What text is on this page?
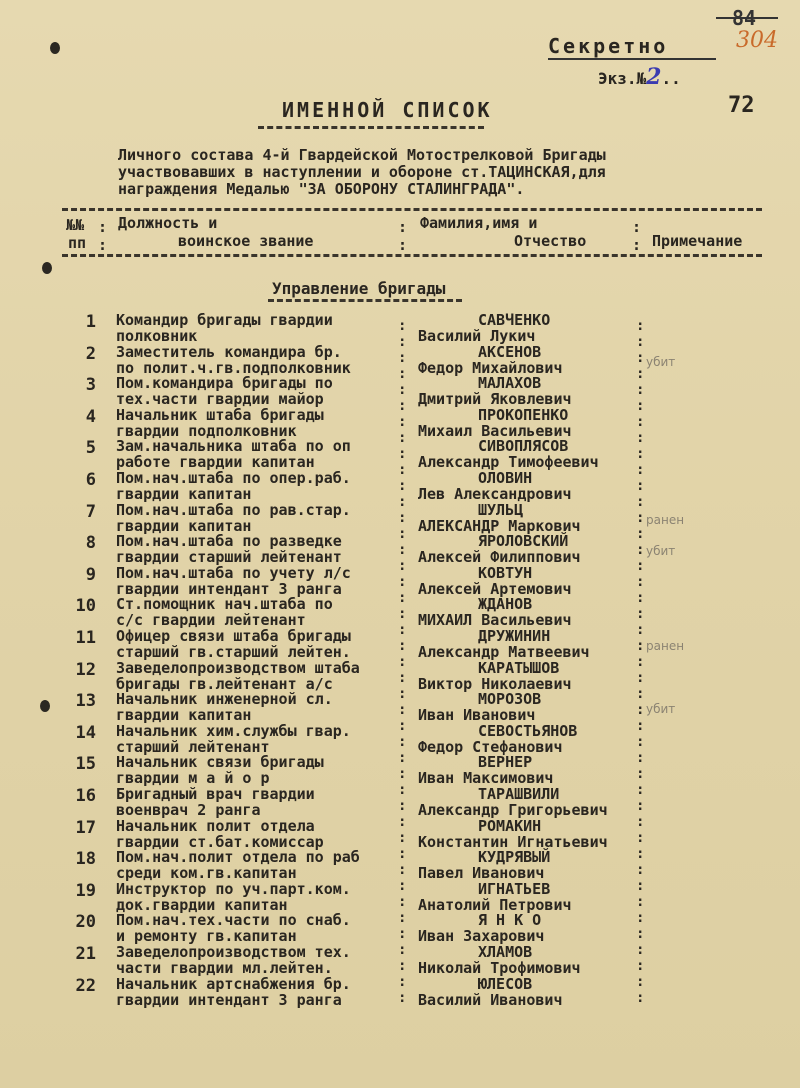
84
304
Секретно
Экз.№2..
72
ИМЕННОЙ СПИСОК
Личного состава 4-й Гвардейской Мотострелковой Бригады
участвовавших в наступлении и обороне ст.ТАЦИНСКАЯ,для
награждения Медалью "ЗА ОБОРОНУ СТАЛИНГРАДА".
№№
пп
:
:
Должность и
воинское звание
:
:
Фамилия,имя и
Отчество
:
: Примечание
Управление бригады
:
:
:
:
:
:
:
:
:
:
:
:
:
:
:
:
:
:
:
:
:
:
:
:
:
:
:
:
:
:
:
:
:
:
:
:
:
:
:
:
:
:
:
:
:
:
:
:
:
:
:
:
:
:
:
:
:
:
:
:
:
:
:
:
:
:
:
:
:
:
:
:
:
:
:
:
:
:
:
:
:
:
:
:
:
:
1 Командир бригады гвардии
полковник
САВЧЕНКО
Василий Лукич
2 Заместитель командира бр.
по полит.ч.гв.подполковник
АКСЕНОВ
Федор Михайлович	убит
3 Пом.командира бригады по
тех.части гвардии майор
МАЛАХОВ
Дмитрий Яковлевич
4 Начальник штаба бригады
гвардии подполковник
ПРОКОПЕНКО
Михаил Васильевич
5 Зам.начальника штаба по оп
работе гвардии капитан
СИВОПЛЯСОВ
Александр Тимофеевич
6 Пом.нач.штаба по опер.раб.
гвардии капитан
ОЛОВИН
Лев Александрович
7 Пом.нач.штаба по рав.стар.
гвардии капитан
ШУЛЬЦ
АЛЕКСАНДР Маркович	ранен
8 Пом.нач.штаба по разведке
гвардии старший лейтенант
ЯРОЛОВСКИЙ
Алексей Филиппович	убит
9 Пом.нач.штаба по учету л/с
гвардии интендант 3 ранга
КОВТУН
Алексей Артемович
10 Ст.помощник нач.штаба по
с/с гвардии лейтенант
ЖДАНОВ
МИХАИЛ Васильевич
11 Офицер связи штаба бригады
старший гв.старший лейтен.
ДРУЖИНИН
Александр Матвеевич	ранен
12 Заведелопроизводством штаба
бригады гв.лейтенант а/с
КАРАТЫШОВ
Виктор Николаевич
13 Начальник инженерной сл.
гвардии капитан
МОРОЗОВ
Иван Иванович	убит
14 Начальник хим.службы гвар.
старший лейтенант
СЕВОСТЬЯНОВ
Федор Стефанович
15 Начальник связи бригады
гвардии м а й о р
ВЕРНЕР
Иван Максимович
16 Бригадный врач гвардии
военврач 2 ранга
ТАРАШВИЛИ
Александр Григорьевич
17 Начальник полит отдела
гвардии ст.бат.комиссар
РОМАКИН
Константин Игнатьевич
18 Пом.нач.полит отдела по раб
среди ком.гв.капитан
КУДРЯВЫЙ
Павел Иванович
19 Инструктор по уч.парт.ком.
док.гвардии капитан
ИГНАТЬЕВ
Анатолий Петрович
20 Пом.нач.тех.части по снаб.
и ремонту гв.капитан
Я Н К О
Иван Захарович
21 Заведелопроизводством тех.
части гвардии мл.лейтен.
ХЛАМОВ
Николай Трофимович
22 Начальник артснабжения бр.
гвардии интендант 3 ранга
ЮЛЕСОВ
Василий Иванович
